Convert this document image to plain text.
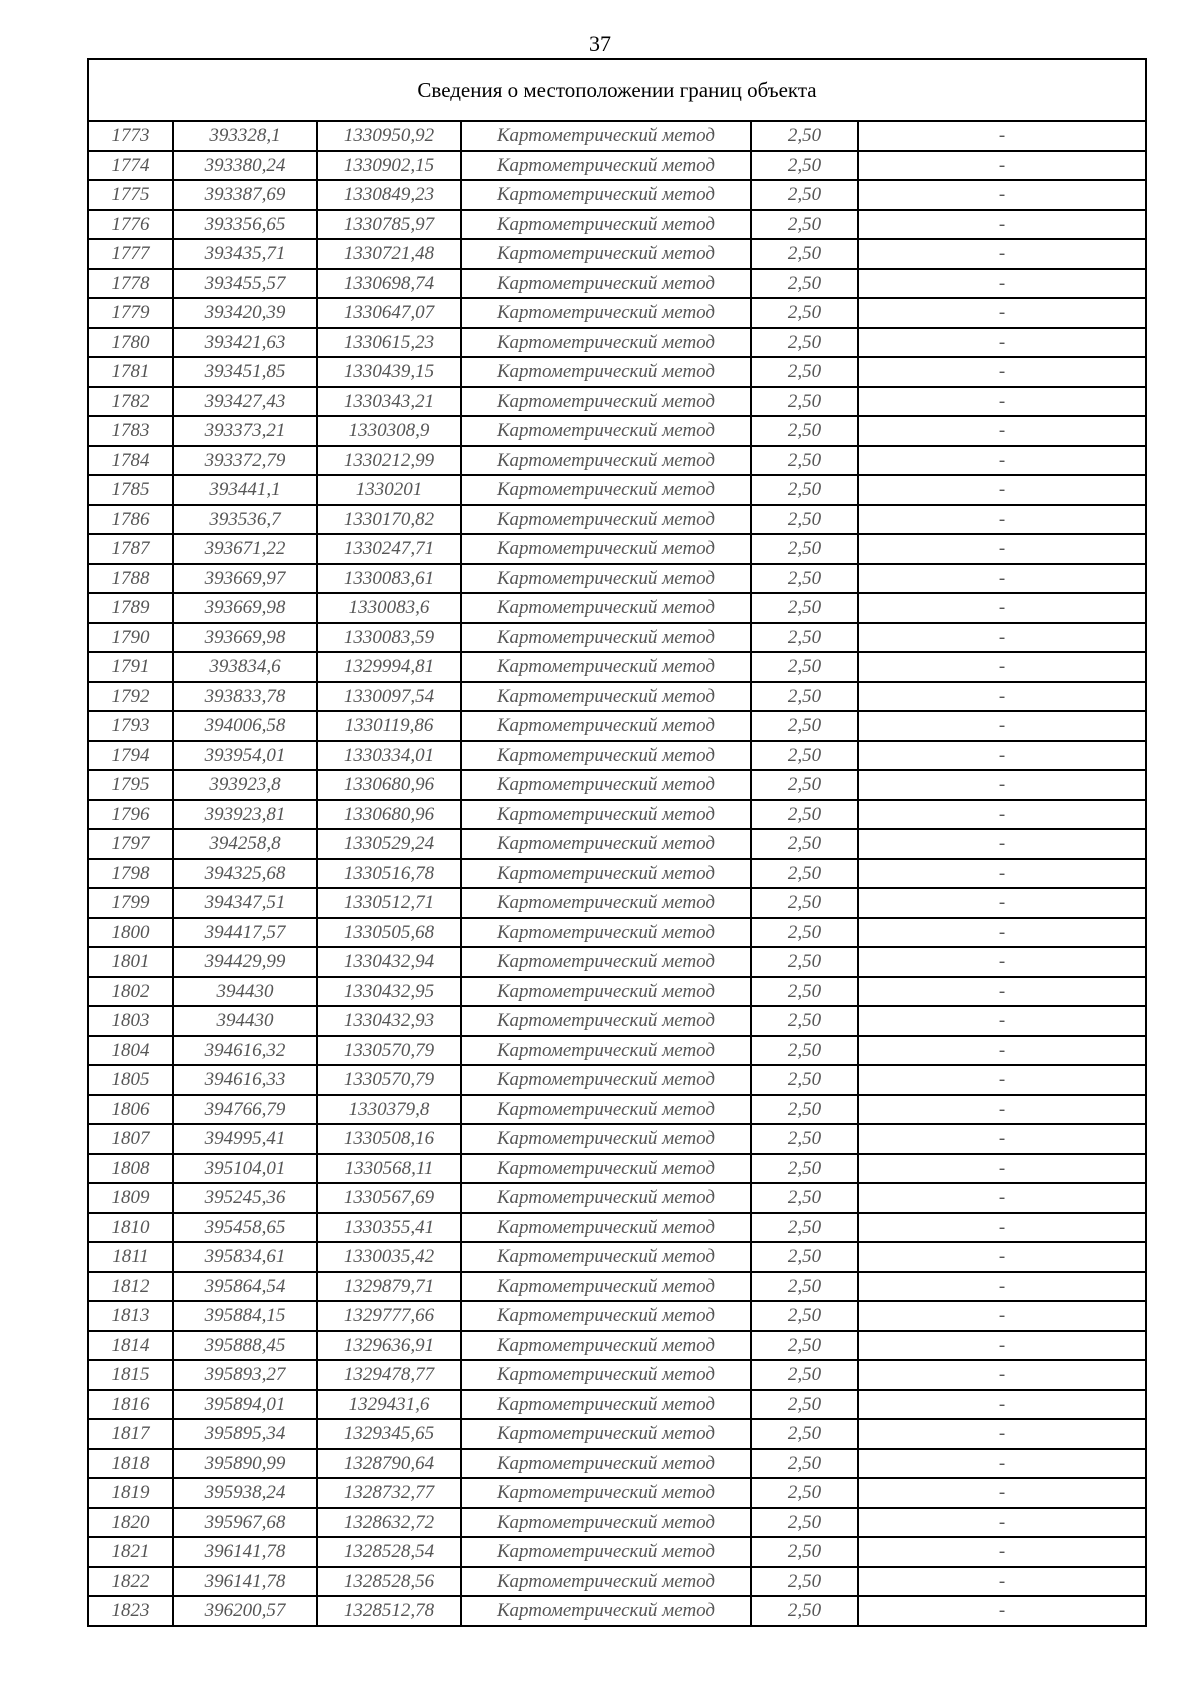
37
Сведения о местоположении границ объекта
1773	393328,1	1330950,92	Картометрический метод	2,50	-
1774	393380,24	1330902,15	Картометрический метод	2,50	-
1775	393387,69	1330849,23	Картометрический метод	2,50	-
1776	393356,65	1330785,97	Картометрический метод	2,50	-
1777	393435,71	1330721,48	Картометрический метод	2,50	-
1778	393455,57	1330698,74	Картометрический метод	2,50	-
1779	393420,39	1330647,07	Картометрический метод	2,50	-
1780	393421,63	1330615,23	Картометрический метод	2,50	-
1781	393451,85	1330439,15	Картометрический метод	2,50	-
1782	393427,43	1330343,21	Картометрический метод	2,50	-
1783	393373,21	1330308,9	Картометрический метод	2,50	-
1784	393372,79	1330212,99	Картометрический метод	2,50	-
1785	393441,1	1330201	Картометрический метод	2,50	-
1786	393536,7	1330170,82	Картометрический метод	2,50	-
1787	393671,22	1330247,71	Картометрический метод	2,50	-
1788	393669,97	1330083,61	Картометрический метод	2,50	-
1789	393669,98	1330083,6	Картометрический метод	2,50	-
1790	393669,98	1330083,59	Картометрический метод	2,50	-
1791	393834,6	1329994,81	Картометрический метод	2,50	-
1792	393833,78	1330097,54	Картометрический метод	2,50	-
1793	394006,58	1330119,86	Картометрический метод	2,50	-
1794	393954,01	1330334,01	Картометрический метод	2,50	-
1795	393923,8	1330680,96	Картометрический метод	2,50	-
1796	393923,81	1330680,96	Картометрический метод	2,50	-
1797	394258,8	1330529,24	Картометрический метод	2,50	-
1798	394325,68	1330516,78	Картометрический метод	2,50	-
1799	394347,51	1330512,71	Картометрический метод	2,50	-
1800	394417,57	1330505,68	Картометрический метод	2,50	-
1801	394429,99	1330432,94	Картометрический метод	2,50	-
1802	394430	1330432,95	Картометрический метод	2,50	-
1803	394430	1330432,93	Картометрический метод	2,50	-
1804	394616,32	1330570,79	Картометрический метод	2,50	-
1805	394616,33	1330570,79	Картометрический метод	2,50	-
1806	394766,79	1330379,8	Картометрический метод	2,50	-
1807	394995,41	1330508,16	Картометрический метод	2,50	-
1808	395104,01	1330568,11	Картометрический метод	2,50	-
1809	395245,36	1330567,69	Картометрический метод	2,50	-
1810	395458,65	1330355,41	Картометрический метод	2,50	-
1811	395834,61	1330035,42	Картометрический метод	2,50	-
1812	395864,54	1329879,71	Картометрический метод	2,50	-
1813	395884,15	1329777,66	Картометрический метод	2,50	-
1814	395888,45	1329636,91	Картометрический метод	2,50	-
1815	395893,27	1329478,77	Картометрический метод	2,50	-
1816	395894,01	1329431,6	Картометрический метод	2,50	-
1817	395895,34	1329345,65	Картометрический метод	2,50	-
1818	395890,99	1328790,64	Картометрический метод	2,50	-
1819	395938,24	1328732,77	Картометрический метод	2,50	-
1820	395967,68	1328632,72	Картометрический метод	2,50	-
1821	396141,78	1328528,54	Картометрический метод	2,50	-
1822	396141,78	1328528,56	Картометрический метод	2,50	-
1823	396200,57	1328512,78	Картометрический метод	2,50	-
